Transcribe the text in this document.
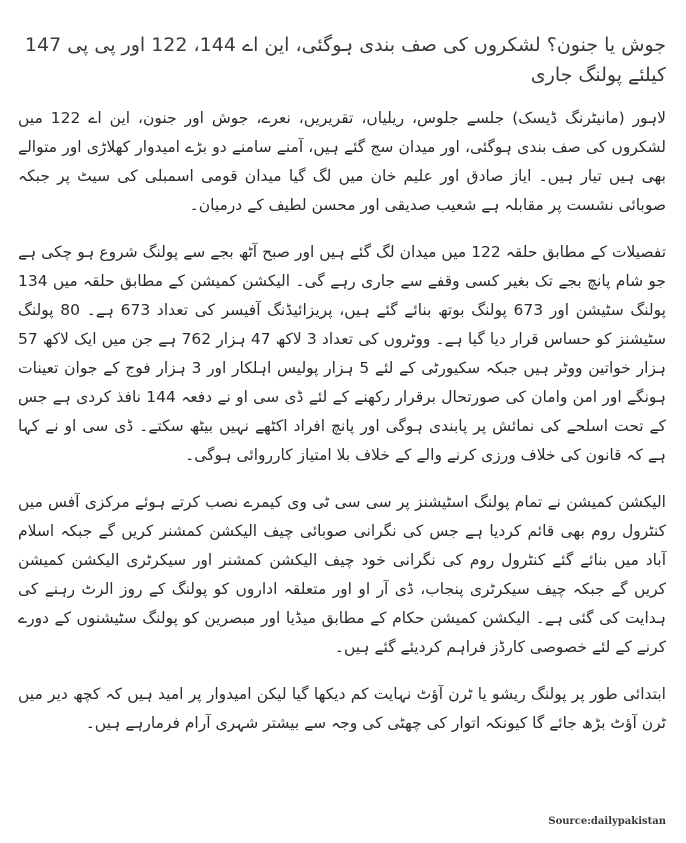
جوش یا جنون؟ لشکروں کی صف بندی ہوگئی، این اے 144، 122 اور پی پی 147 کیلئے پولنگ جاری

لاہور (مانیٹرنگ ڈیسک) جلسے جلوس، ریلیاں، تقریریں، نعرے، جوش اور جنون، این اے 122 میں لشکروں کی صف بندی ہوگئی، اور میدان سج گئے ہیں، آمنے سامنے دو بڑے امیدوار کھلاڑی اور متوالے بھی ہیں تیار ہیں۔ ایاز صادق اور علیم خان میں لگ گیا میدان قومی اسمبلی کی سیٹ پر جبکہ صوبائی نشست پر مقابلہ ہے شعیب صدیقی اور محسن لطیف کے درمیان۔

تفصیلات کے مطابق حلقہ 122 میں میدان لگ گئے ہیں اور صبح آٹھ بجے سے پولنگ شروع ہو چکی ہے جو شام پانچ بجے تک بغیر کسی وقفے سے جاری رہے گی۔ الیکشن کمیشن کے مطابق حلقہ میں 134 پولنگ سٹیشن اور 673 پولنگ بوتھ بنائے گئے ہیں، پریزائیڈنگ آفیسر کی تعداد 673 ہے۔ 80 پولنگ سٹیشنز کو حساس قرار دیا گیا ہے۔ ووٹروں کی تعداد 3 لاکھ 47 ہزار 762 ہے جن میں ایک لاکھ 57 ہزار خواتین ووٹر ہیں جبکہ سکیورٹی کے لئے 5 ہزار پولیس اہلکار اور 3 ہزار فوج کے جوان تعینات ہونگے اور امن وامان کی صورتحال برقرار رکھنے کے لئے ڈی سی او نے دفعہ 144 نافذ کردی ہے جس کے تحت اسلحے کی نمائش پر پابندی ہوگی اور پانچ افراد اکٹھے نہیں بیٹھ سکتے۔ ڈی سی او نے کہا ہے کہ قانون کی خلاف ورزی کرنے والے کے خلاف بلا امتیاز کارروائی ہوگی۔

الیکشن کمیشن نے تمام پولنگ اسٹیشنز پر سی سی ٹی وی کیمرے نصب کرتے ہوئے مرکزی آفس میں کنٹرول روم بھی قائم کردیا ہے جس کی نگرانی صوبائی چیف الیکشن کمشنر کریں گے جبکہ اسلام آباد میں بنائے گئے کنٹرول روم کی نگرانی خود چیف الیکشن کمشنر اور سیکرٹری الیکشن کمیشن کریں گے جبکہ چیف سیکرٹری پنجاب، ڈی آر او اور متعلقہ اداروں کو پولنگ کے روز الرٹ رہنے کی ہدایت کی گئی ہے۔ الیکشن کمیشن حکام کے مطابق میڈیا اور مبصرین کو پولنگ سٹیشنوں کے دورے کرنے کے لئے خصوصی کارڈز فراہم کردیئے گئے ہیں۔

ابتدائی طور پر پولنگ ریشو یا ٹرن آؤٹ نہایت کم دیکھا گیا لیکن امیدوار پر امید ہیں کہ کچھ دیر میں ٹرن آؤٹ بڑھ جائے گا کیونکہ اتوار کی چھٹی کی وجہ سے بیشتر شہری آرام فرمارہے ہیں۔

Source:dailypakistan
